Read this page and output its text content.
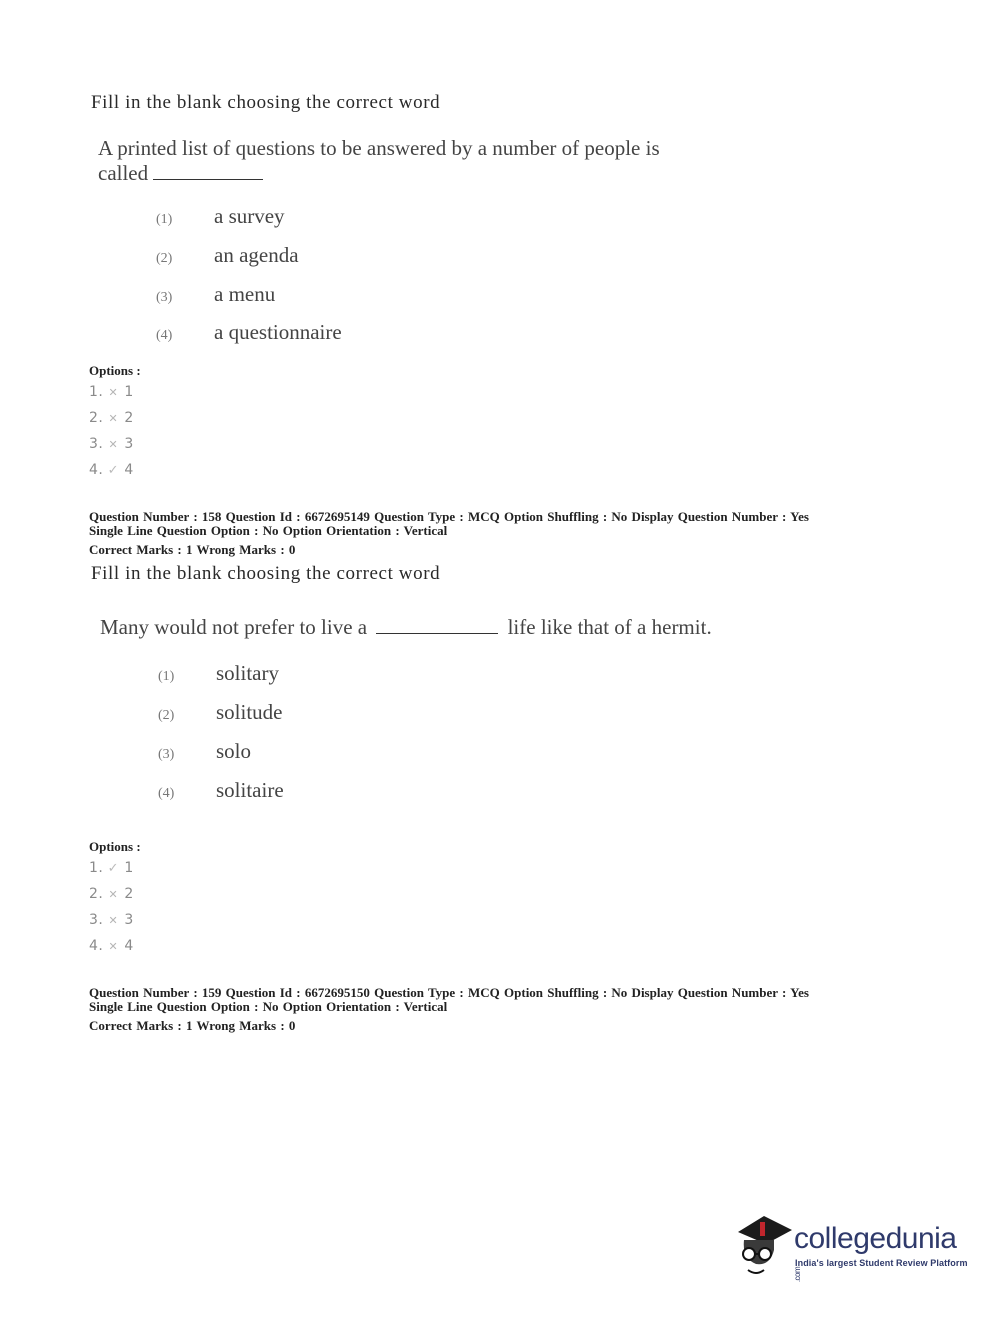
Fill in the blank choosing the correct word
A printed list of questions to be answered by a number of people is
called
(1) a survey
(2) an agenda
(3) a menu
(4) a questionnaire
Options :
1. ✕ 1
2. ✕ 2
3. ✕ 3
4. ✓ 4
Question Number : 158 Question Id : 6672695149 Question Type : MCQ Option Shuffling : No Display Question Number : Yes
Single Line Question Option : No Option Orientation : Vertical
Correct Marks : 1 Wrong Marks : 0
Fill in the blank choosing the correct word
Many would not prefer to live a	life like that of a hermit.
(1) solitary
(2) solitude
(3) solo
(4) solitaire
Options :
1. ✓ 1
2. ✕ 2
3. ✕ 3
4. ✕ 4
Question Number : 159 Question Id : 6672695150 Question Type : MCQ Option Shuffling : No Display Question Number : Yes
Single Line Question Option : No Option Orientation : Vertical
Correct Marks : 1 Wrong Marks : 0
collegedunia.com
India's largest Student Review Platform
